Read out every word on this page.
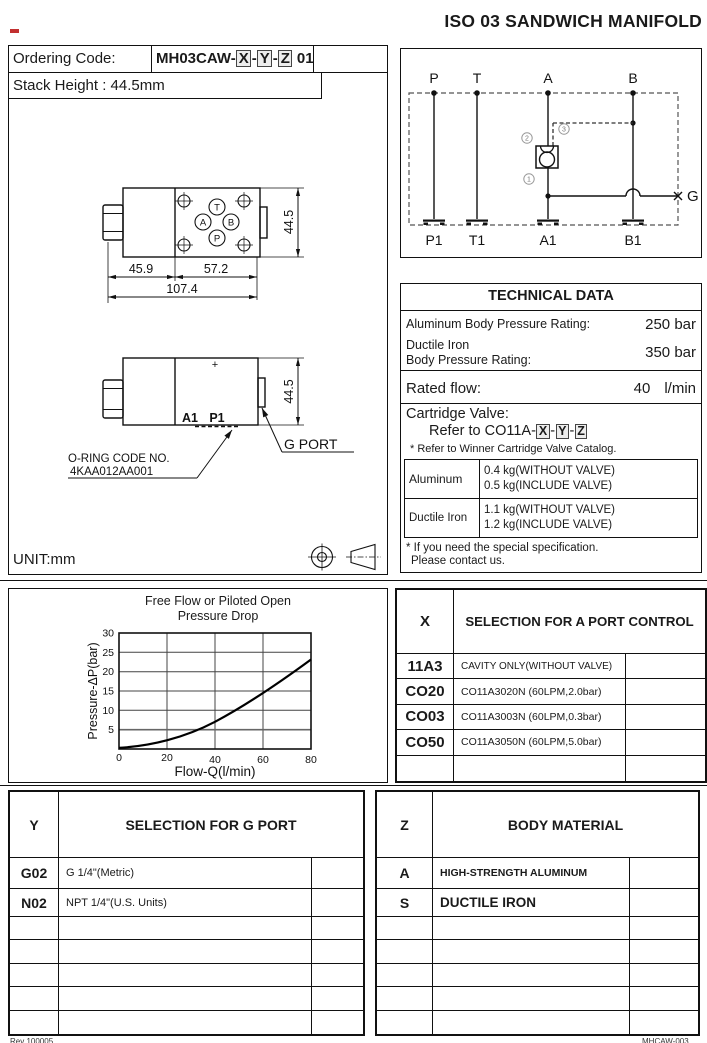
ISO 03 SANDWICH MANIFOLD
Ordering Code:	MH03CAW- X - Y - Z 01
Stack Height : 44.5mm
T
A B
P
44.5
45.9	57.2
107.4
+
A1 P1
44.5
G PORT
O-RING CODE NO.
4KAA012AA001
UNIT:mm
P T	A	B
2
3
1
P1 T1	A1	B1
G
TECHNICAL DATA
Aluminum Body Pressure Rating:	250 bar
Ductile Iron
Body Pressure Rating:	350 bar
Rated flow:	40 l/min
Cartridge Valve:
Refer to CO11A- X - Y - Z
* Refer to Winner Cartridge Valve Catalog.
Aluminum
0.4 kg(WITHOUT VALVE)
0.5 kg(INCLUDE VALVE)
Ductile Iron
1.1 kg(WITHOUT VALVE)
1.2 kg(INCLUDE VALVE)
* If you need the special specification.
Please contact us.
Free Flow or Piloted Open
Pressure Drop
30
25
20
15
10
5
0	20	40	60	80
Pressure-ΔP(bar)
Flow-Q(l/min)
X	SELECTION FOR A PORT CONTROL
11A3	CAVITY ONLY(WITHOUT VALVE)
CO20	CO11A3020N (60LPM,2.0bar)
CO03	CO11A3003N (60LPM,0.3bar)
CO50	CO11A3050N (60LPM,5.0bar)
Y	SELECTION FOR G PORT
G02	G 1/4"(Metric)
N02	NPT 1/4"(U.S. Units)
Z	BODY MATERIAL
A	HIGH-STRENGTH ALUMINUM
S	DUCTILE IRON
Rev 100005	MHCAW-003
